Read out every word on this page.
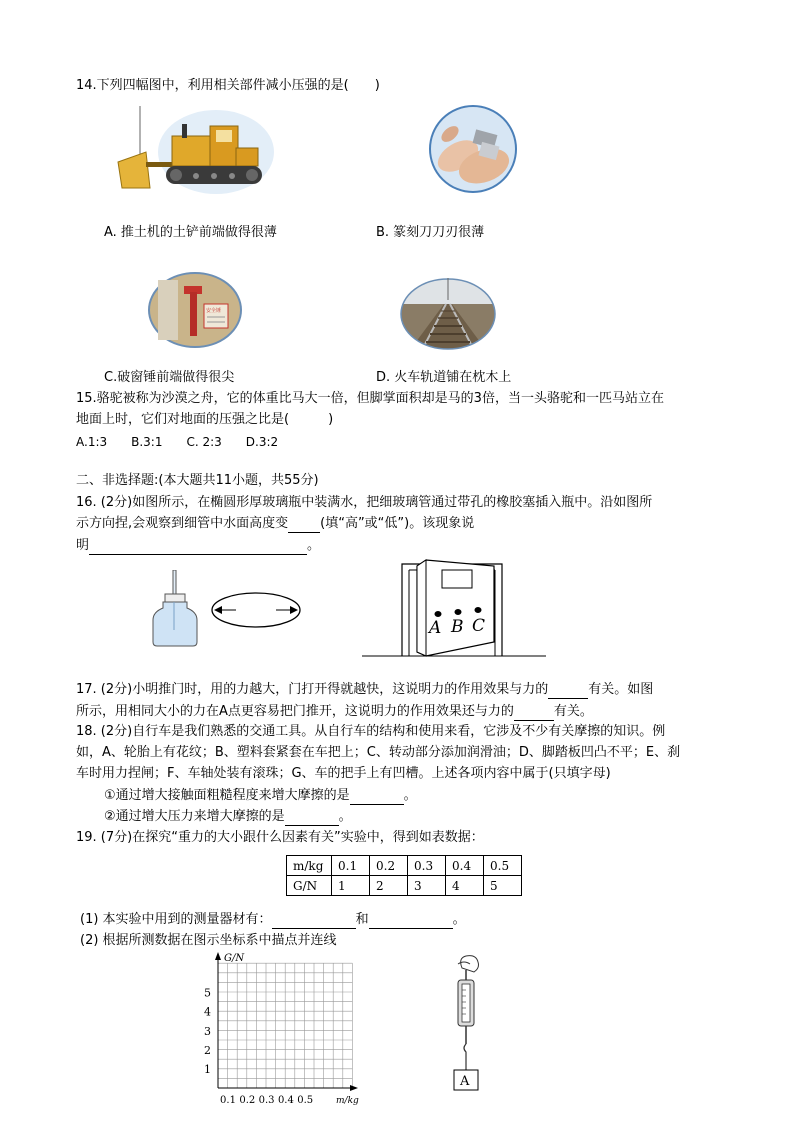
14.下列四幅图中，利用相关部件减小压强的是(　　)
A. 推土机的土铲前端做得很薄	B. 篆刻刀刀刃很薄
安全锤
C.破窗锤前端做得很尖	D. 火车轨道铺在枕木上
15.骆驼被称为沙漠之舟，它的体重比马大一倍，但脚掌面积却是马的3倍，当一头骆驼和一匹马站立在
地面上时，它们对地面的压强之比是(　　　)
A.1:3　　B.3:1　　C. 2:3　　D.3:2
二、非选择题:(本大题共11小题，共55分)
16. (2分)如图所示，在椭圆形厚玻璃瓶中装满水，把细玻璃管通过带孔的橡胶塞插入瓶中。沿如图所
示方向捏,会观察到细管中水面高度变 (填“高”或“低”)。该现象说
明	。
A B C
17. (2分)小明推门时，用的力越大，门打开得就越快，这说明力的作用效果与力的	有关。如图
所示，用相同大小的力在A点更容易把门推开，这说明力的作用效果还与力的	有关。
18. (2分)自行车是我们熟悉的交通工具。从自行车的结构和使用来看，它涉及不少有关摩擦的知识。例
如，A、轮胎上有花纹；B、塑料套紧套在车把上；C、转动部分添加润滑油；D、脚踏板凹凸不平；E、刹
车时用力捏闸；F、车轴处装有滚珠；G、车的把手上有凹槽。上述各项内容中属于(只填字母)
①通过增大接触面粗糙程度来增大摩擦的是	。
②通过增大压力来增大摩擦的是	。
19. (7分)在探究“重力的大小跟什么因素有关”实验中，得到如表数据：
m/kg	0.1	0.2	0.3	0.4	0.5
G/N	1	2	3	4	5
(1) 本实验中用到的测量器材有：	和	。
(2) 根据所测数据在图示坐标系中描点并连线
G/N
m/kg
5
4
3
2
1
0.1 0.2 0.3 0.4 0.5
A
